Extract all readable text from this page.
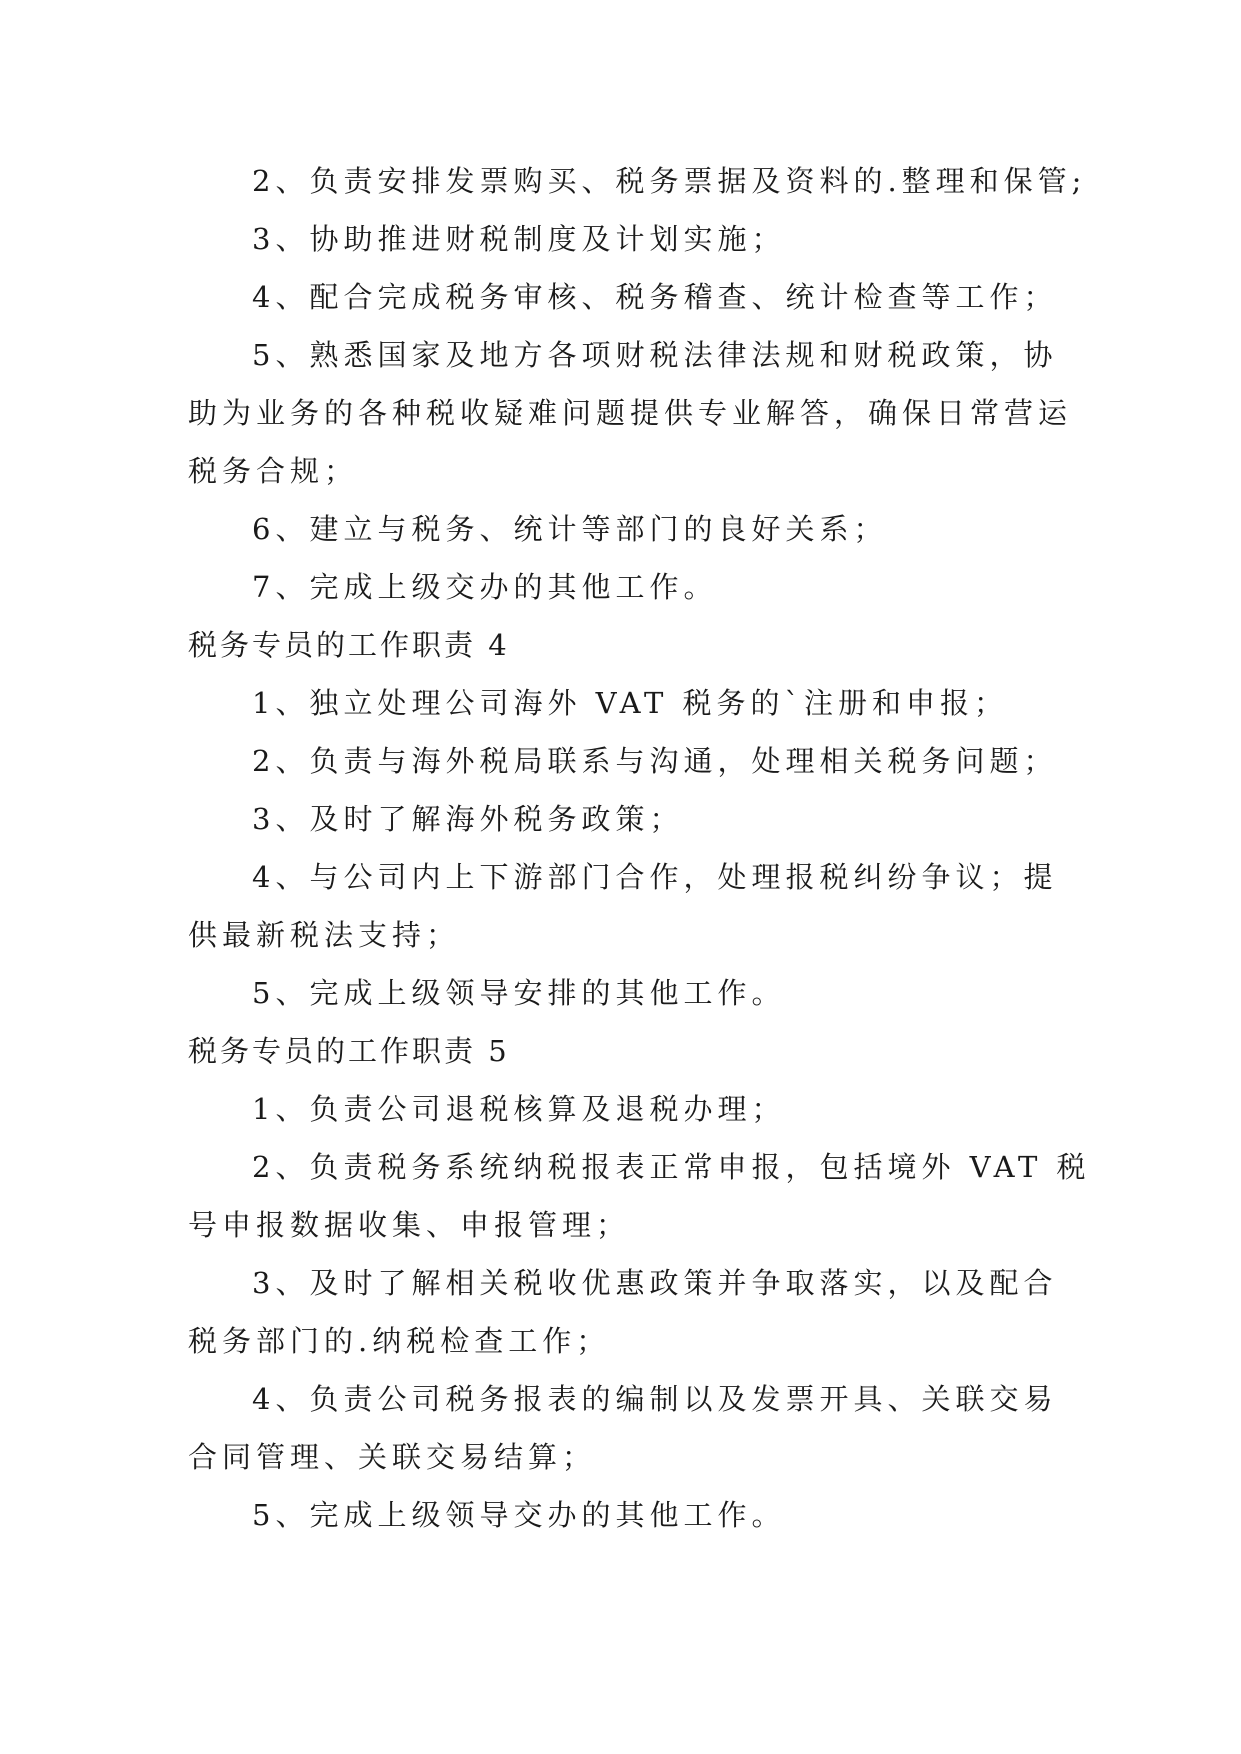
2、负责安排发票购买、税务票据及资料的.整理和保管;
3、协助推进财税制度及计划实施；
4、配合完成税务审核、税务稽查、统计检查等工作；
5、熟悉国家及地方各项财税法律法规和财税政策，协
助为业务的各种税收疑难问题提供专业解答，确保日常营运
税务合规；
6、建立与税务、统计等部门的良好关系；
7、完成上级交办的其他工作。
税务专员的工作职责 4
1、独立处理公司海外 VAT 税务的`注册和申报；
2、负责与海外税局联系与沟通，处理相关税务问题；
3、及时了解海外税务政策；
4、与公司内上下游部门合作，处理报税纠纷争议；提
供最新税法支持；
5、完成上级领导安排的其他工作。
税务专员的工作职责 5
1、负责公司退税核算及退税办理；
2、负责税务系统纳税报表正常申报，包括境外 VAT 税
号申报数据收集、申报管理；
3、及时了解相关税收优惠政策并争取落实，以及配合
税务部门的.纳税检查工作；
4、负责公司税务报表的编制以及发票开具、关联交易
合同管理、关联交易结算；
5、完成上级领导交办的其他工作。
